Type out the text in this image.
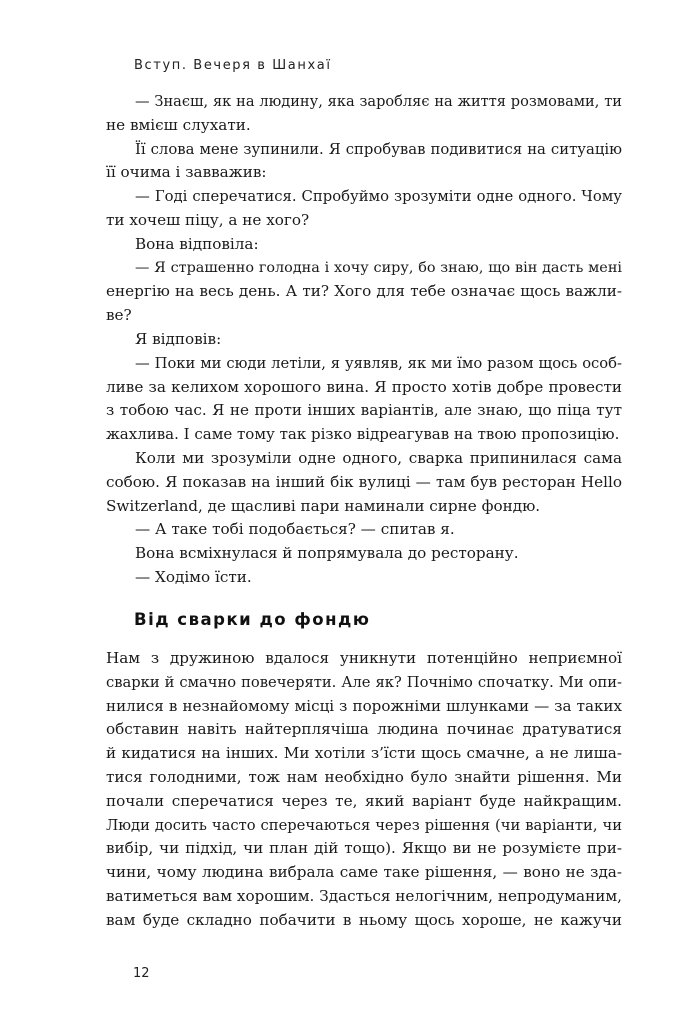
Вступ. Вечеря в Шанхаї
— Знаєш, як на людину, яка заробляє на життя розмовами, ти
не вмієш слухати.
Її слова мене зупинили. Я спробував подивитися на ситуацію
її очима і завважив:
— Годі сперечатися. Спробуймо зрозуміти одне одного. Чому
ти хочеш піцу, а не хого?
Вона відповіла:
— Я страшенно голодна і хочу сиру, бо знаю, що він дасть мені
енергію на весь день. А ти? Хого для тебе означає щось важли-
ве?
Я відповів:
— Поки ми сюди летіли, я уявляв, як ми їмо разом щось особ-
ливе за келихом хорошого вина. Я просто хотів добре провести
з тобою час. Я не проти інших варіантів, але знаю, що піца тут
жахлива. І саме тому так різко відреагував на твою пропозицію.
Коли ми зрозуміли одне одного, сварка припинилася сама
собою. Я показав на інший бік вулиці — там був ресторан Hello
Switzerland, де щасливі пари наминали сирне фондю.
— А таке тобі подобається? — спитав я.
Вона всміхнулася й попрямувала до ресторану.
— Ходімо їсти.
Від сварки до фондю
Нам з дружиною вдалося уникнути потенційно неприємної
сварки й смачно повечеряти. Але як? Почнімо спочатку. Ми опи-
нилися в незнайомому місці з порожніми шлунками — за таких
обставин навіть найтерплячіша людина починає дратуватися
й кидатися на інших. Ми хотіли з’їсти щось смачне, а не лиша-
тися голодними, тож нам необхідно було знайти рішення. Ми
почали сперечатися через те, який варіант буде найкращим.
Люди досить часто сперечаються через рішення (чи варіанти, чи
вибір, чи підхід, чи план дій тощо). Якщо ви не розумієте при-
чини, чому людина вибрала саме таке рішення, — воно не зда-
ватиметься вам хорошим. Здасться нелогічним, непродуманим,
вам буде складно побачити в ньому щось хороше, не кажучи
12
